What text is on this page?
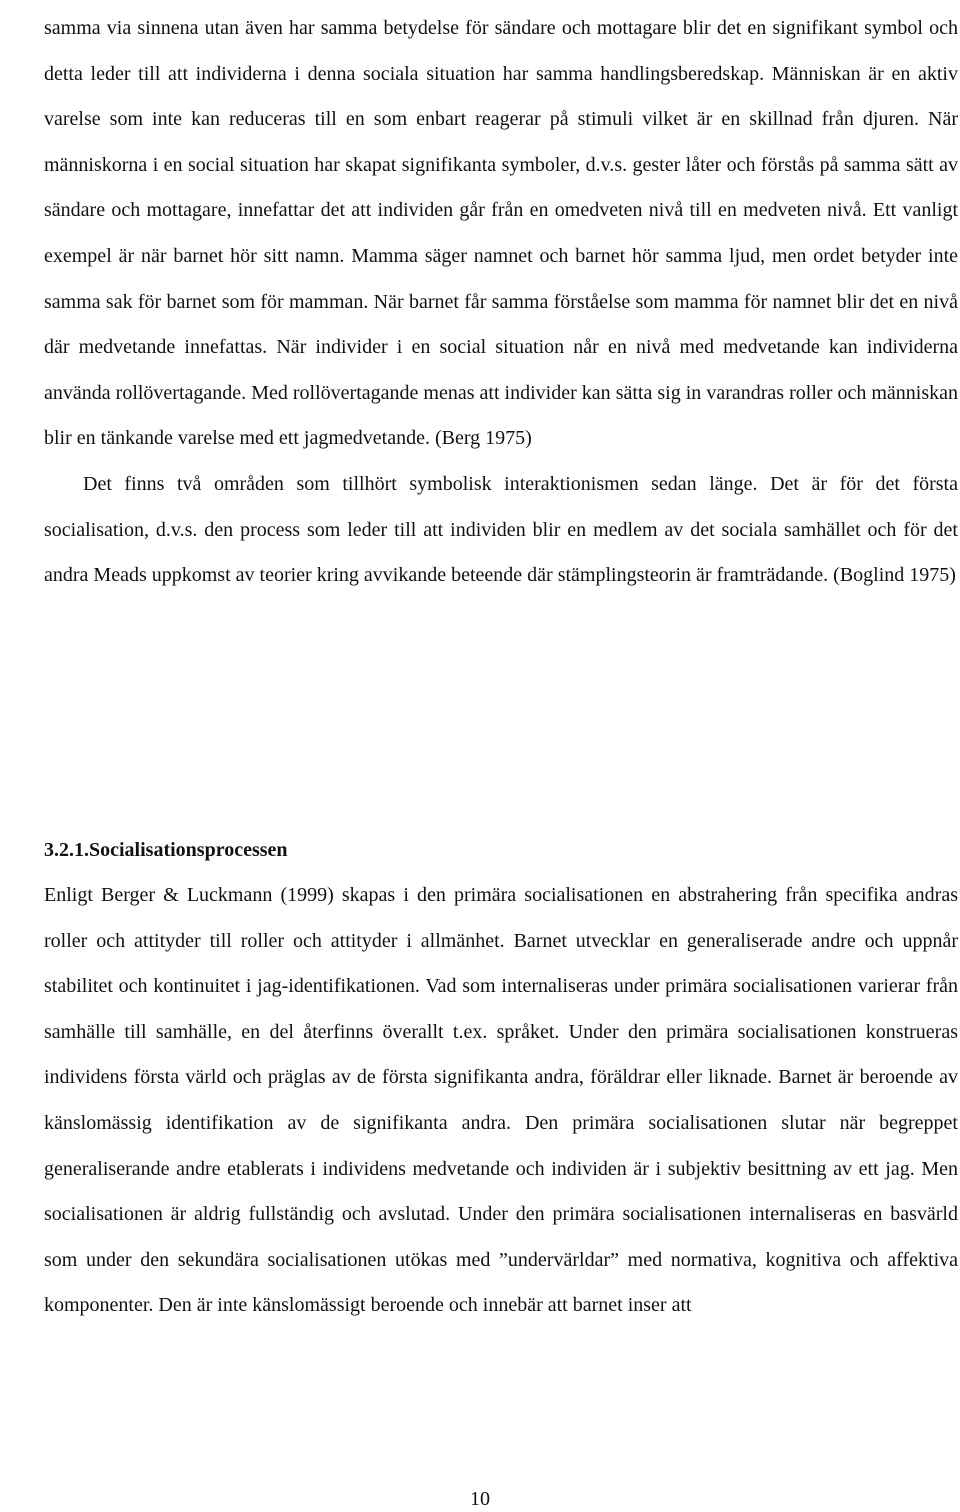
samma via sinnena utan även har samma betydelse för sändare och mottagare blir det en signifikant symbol och detta leder till att individerna i denna sociala situation har samma handlingsberedskap. Människan är en aktiv varelse som inte kan reduceras till en som enbart reagerar på stimuli vilket är en skillnad från djuren. När människorna i en social situation har skapat signifikanta symboler, d.v.s. gester låter och förstås på samma sätt av sändare och mottagare, innefattar det att individen går från en omedveten nivå till en medveten nivå. Ett vanligt exempel är när barnet hör sitt namn. Mamma säger namnet och barnet hör samma ljud, men ordet betyder inte samma sak för barnet som för mamman. När barnet får samma förståelse som mamma för namnet blir det en nivå där medvetande innefattas. När individer i en social situation når en nivå med medvetande kan individerna använda rollövertagande. Med rollövertagande menas att individer kan sätta sig in varandras roller och människan blir en tänkande varelse med ett jagmedvetande. (Berg 1975)

Det finns två områden som tillhört symbolisk interaktionismen sedan länge. Det är för det första socialisation, d.v.s. den process som leder till att individen blir en medlem av det sociala samhället och för det andra Meads uppkomst av teorier kring avvikande beteende där stämplingsteorin är framträdande. (Boglind 1975)

3.2.1. Socialisationsprocessen

Enligt Berger & Luckmann (1999) skapas i den primära socialisationen en abstrahering från specifika andras roller och attityder till roller och attityder i allmänhet. Barnet utvecklar en generaliserade andre och uppnår stabilitet och kontinuitet i jag-identifikationen. Vad som internaliseras under primära socialisationen varierar från samhälle till samhälle, en del återfinns överallt t.ex. språket. Under den primära socialisationen konstrueras individens första värld och präglas av de första signifikanta andra, föräldrar eller liknade. Barnet är beroende av känslomässig identifikation av de signifikanta andra. Den primära socialisationen slutar när begreppet generaliserande andre etablerats i individens medvetande och individen är i subjektiv besittning av ett jag. Men socialisationen är aldrig fullständig och avslutad. Under den primära socialisationen internaliseras en basvärld som under den sekundära socialisationen utökas med ”undervärldar” med normativa, kognitiva och affektiva komponenter. Den är inte känslomässigt beroende och innebär att barnet inser att

10
